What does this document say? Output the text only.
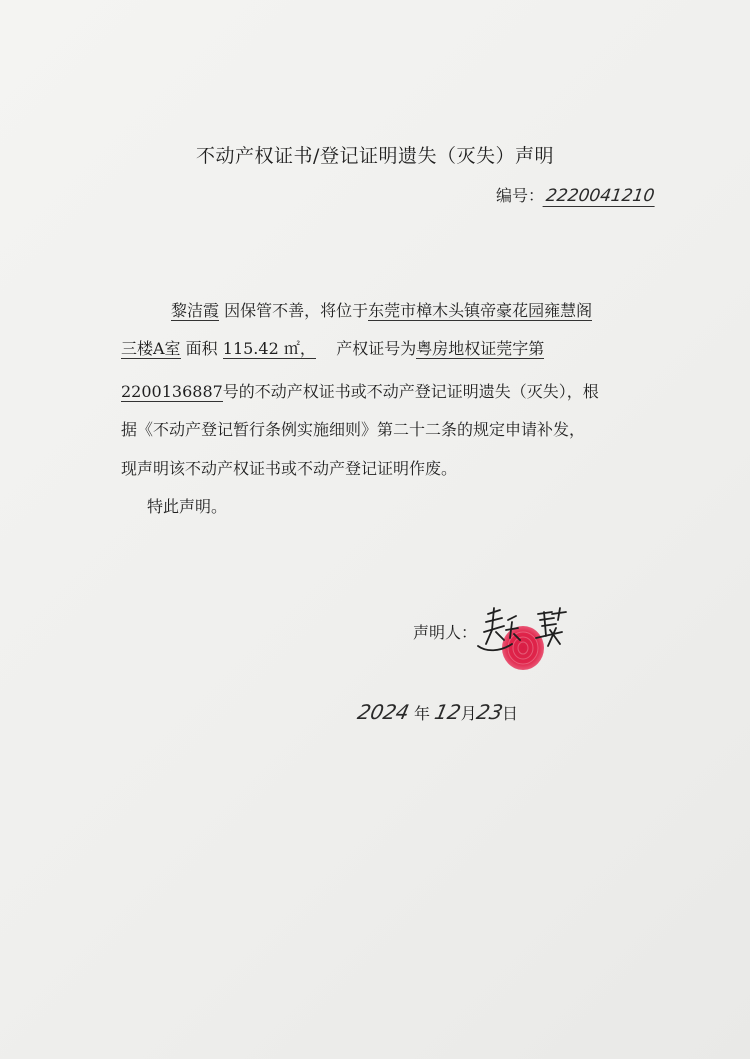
不动产权证书/登记证明遗失（灭失）声明
编号：2220041210
黎洁霞 因保管不善，将位于东莞市樟木头镇帝豪花园雍慧阁
三楼A室 面积 115.42 ㎡， 产权证号为粤房地权证莞字第
2200136887号的不动产权证书或不动产登记证明遗失（灭失），根
据《不动产登记暂行条例实施细则》第二十二条的规定申请补发，
现声明该不动产权证书或不动产登记证明作废。
特此声明。
声明人：
2024 年 12月23日
